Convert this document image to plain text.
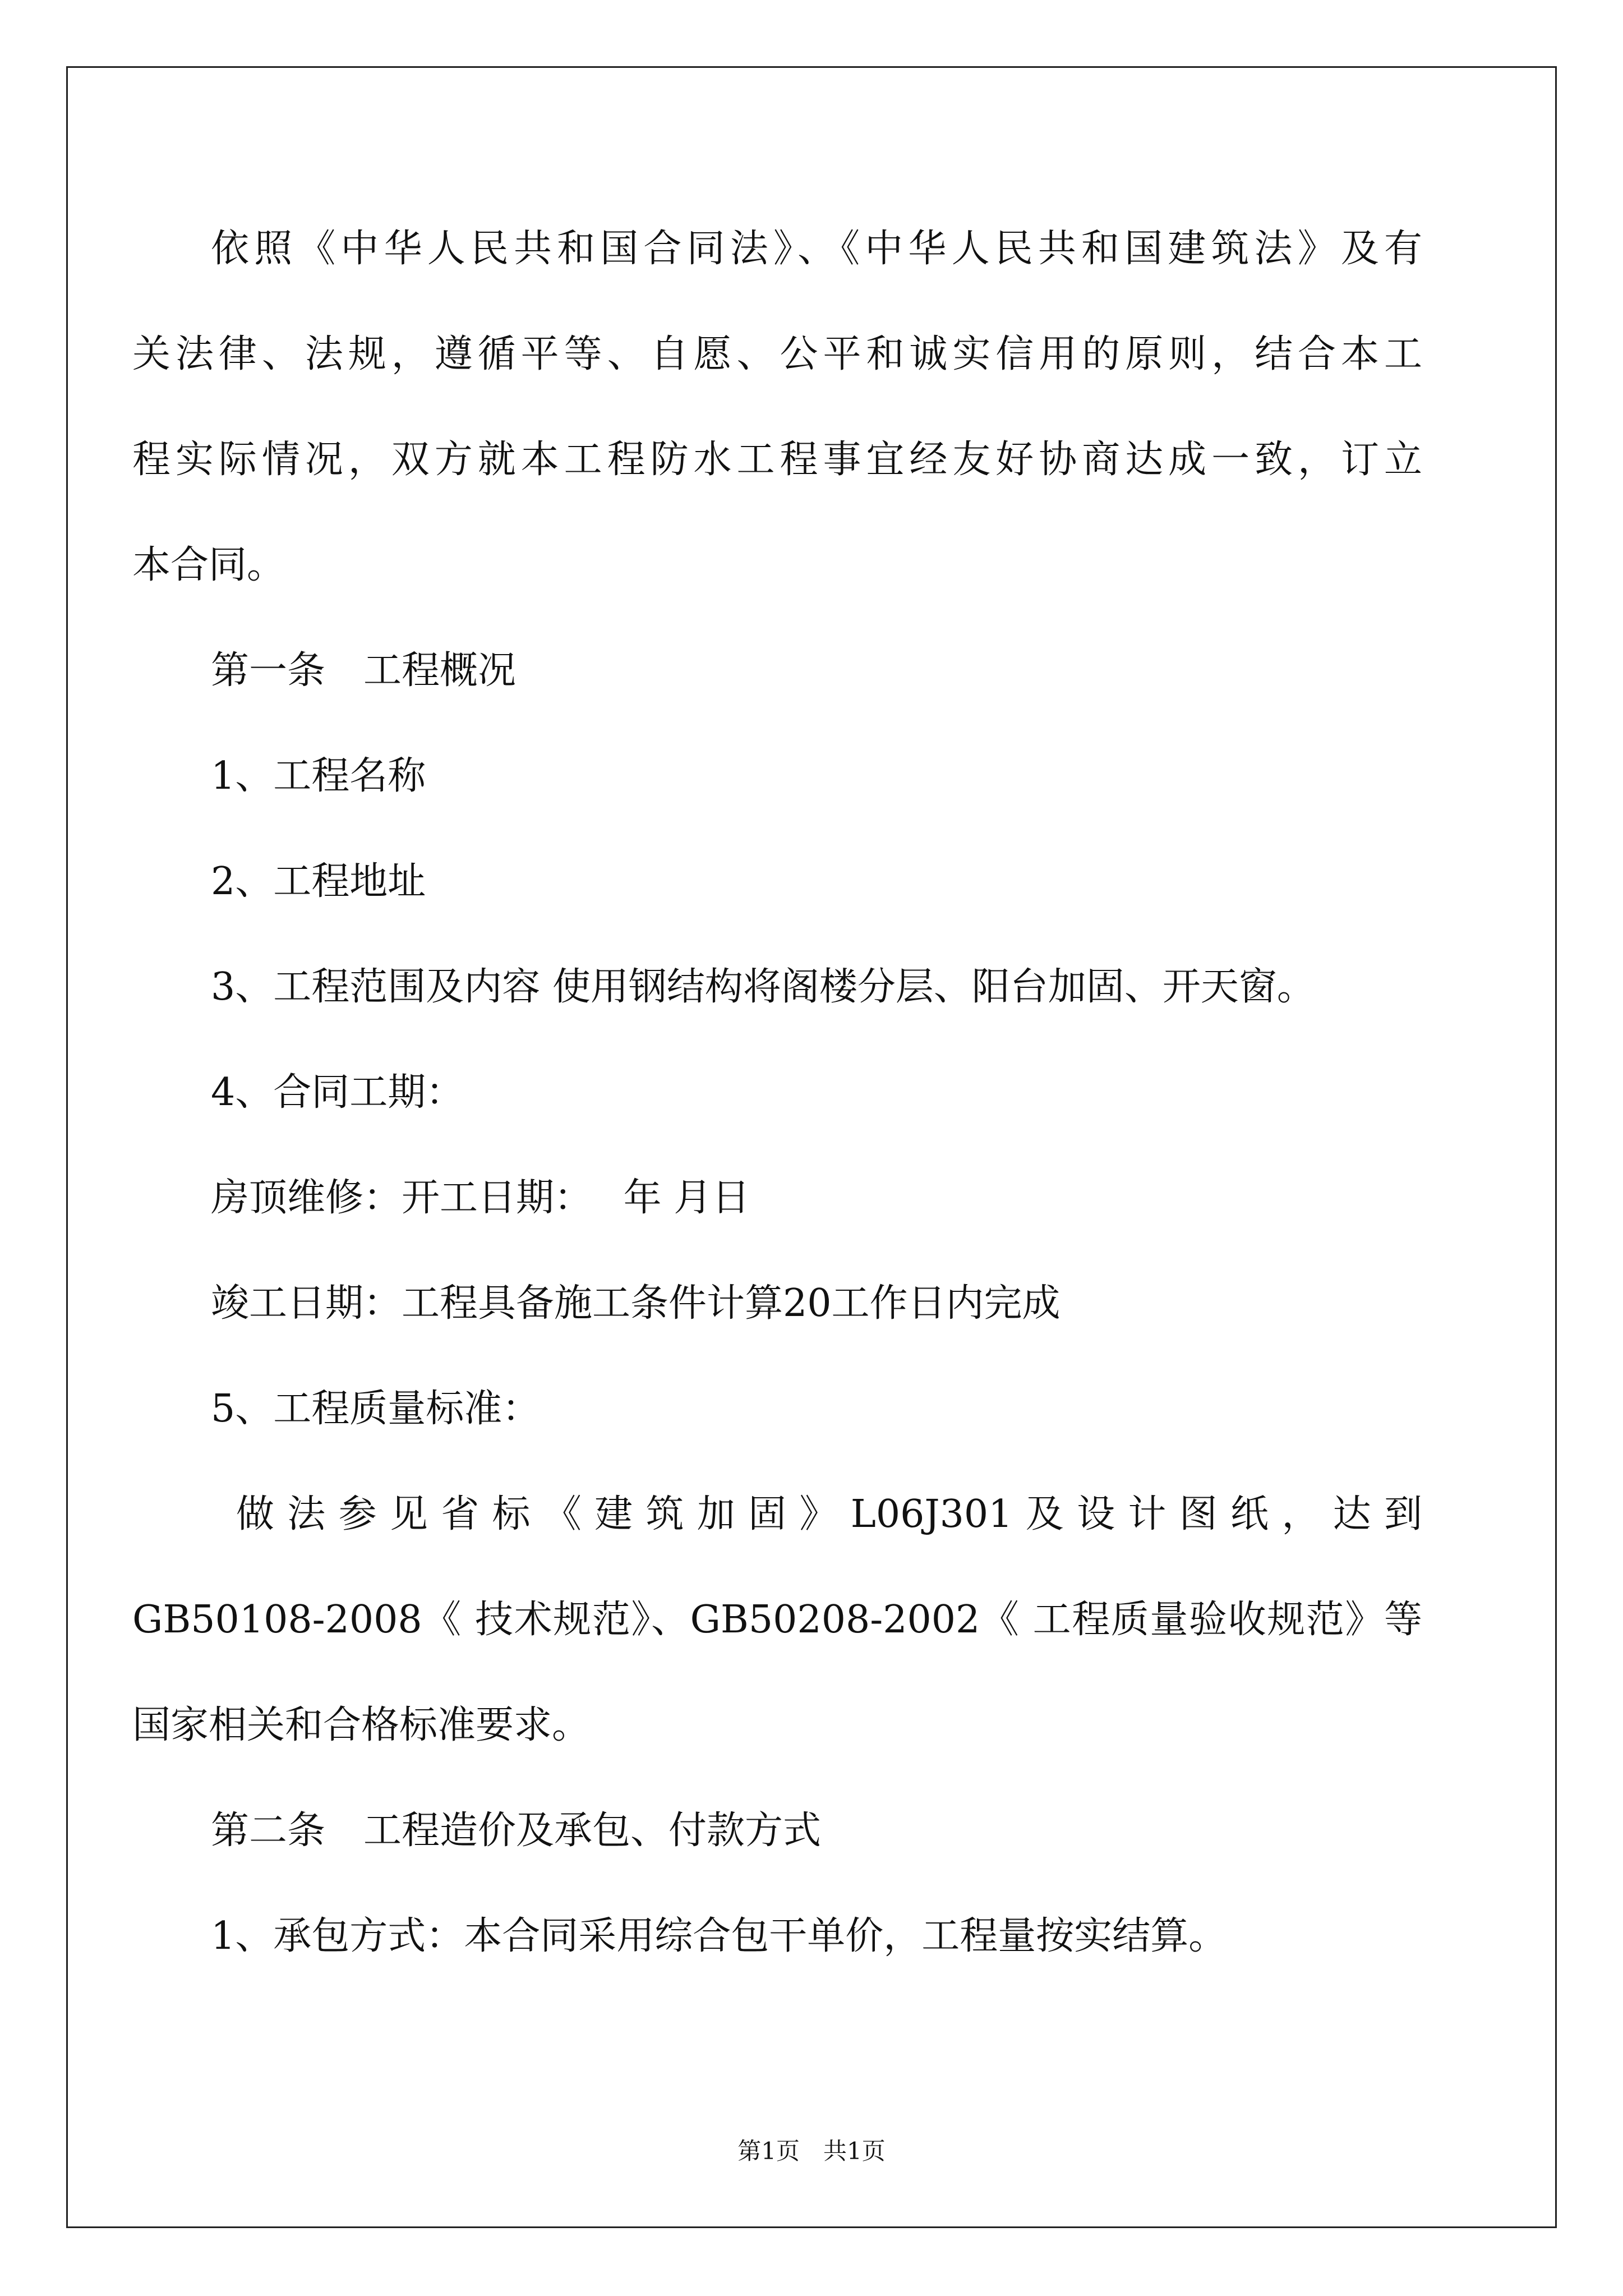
依照《中华人民共和国合同法》、《中华人民共和国建筑法》及有
关法律、法规，遵循平等、自愿、公平和诚实信用的原则，结合本工
程实际情况，双方就本工程防水工程事宜经友好协商达成一致，订立
本合同。
第一条　工程概况
1、工程名称
2、工程地址
3、工程范围及内容 使用钢结构将阁楼分层、阳台加固、开天窗。
4、合同工期：
房顶维修：开工日期：　 年 月日
竣工日期：工程具备施工条件计算20工作日内完成
5、工程质量标准：
做法参见省标《建筑加固》L06J301及设计图纸，达到
GB50108-2008《 技术规范》、GB50208-2002《 工程质量验收规范》等
国家相关和合格标准要求。
第二条　工程造价及承包、付款方式
1、承包方式：本合同采用综合包干单价，工程量按实结算。
第1页　共1页
